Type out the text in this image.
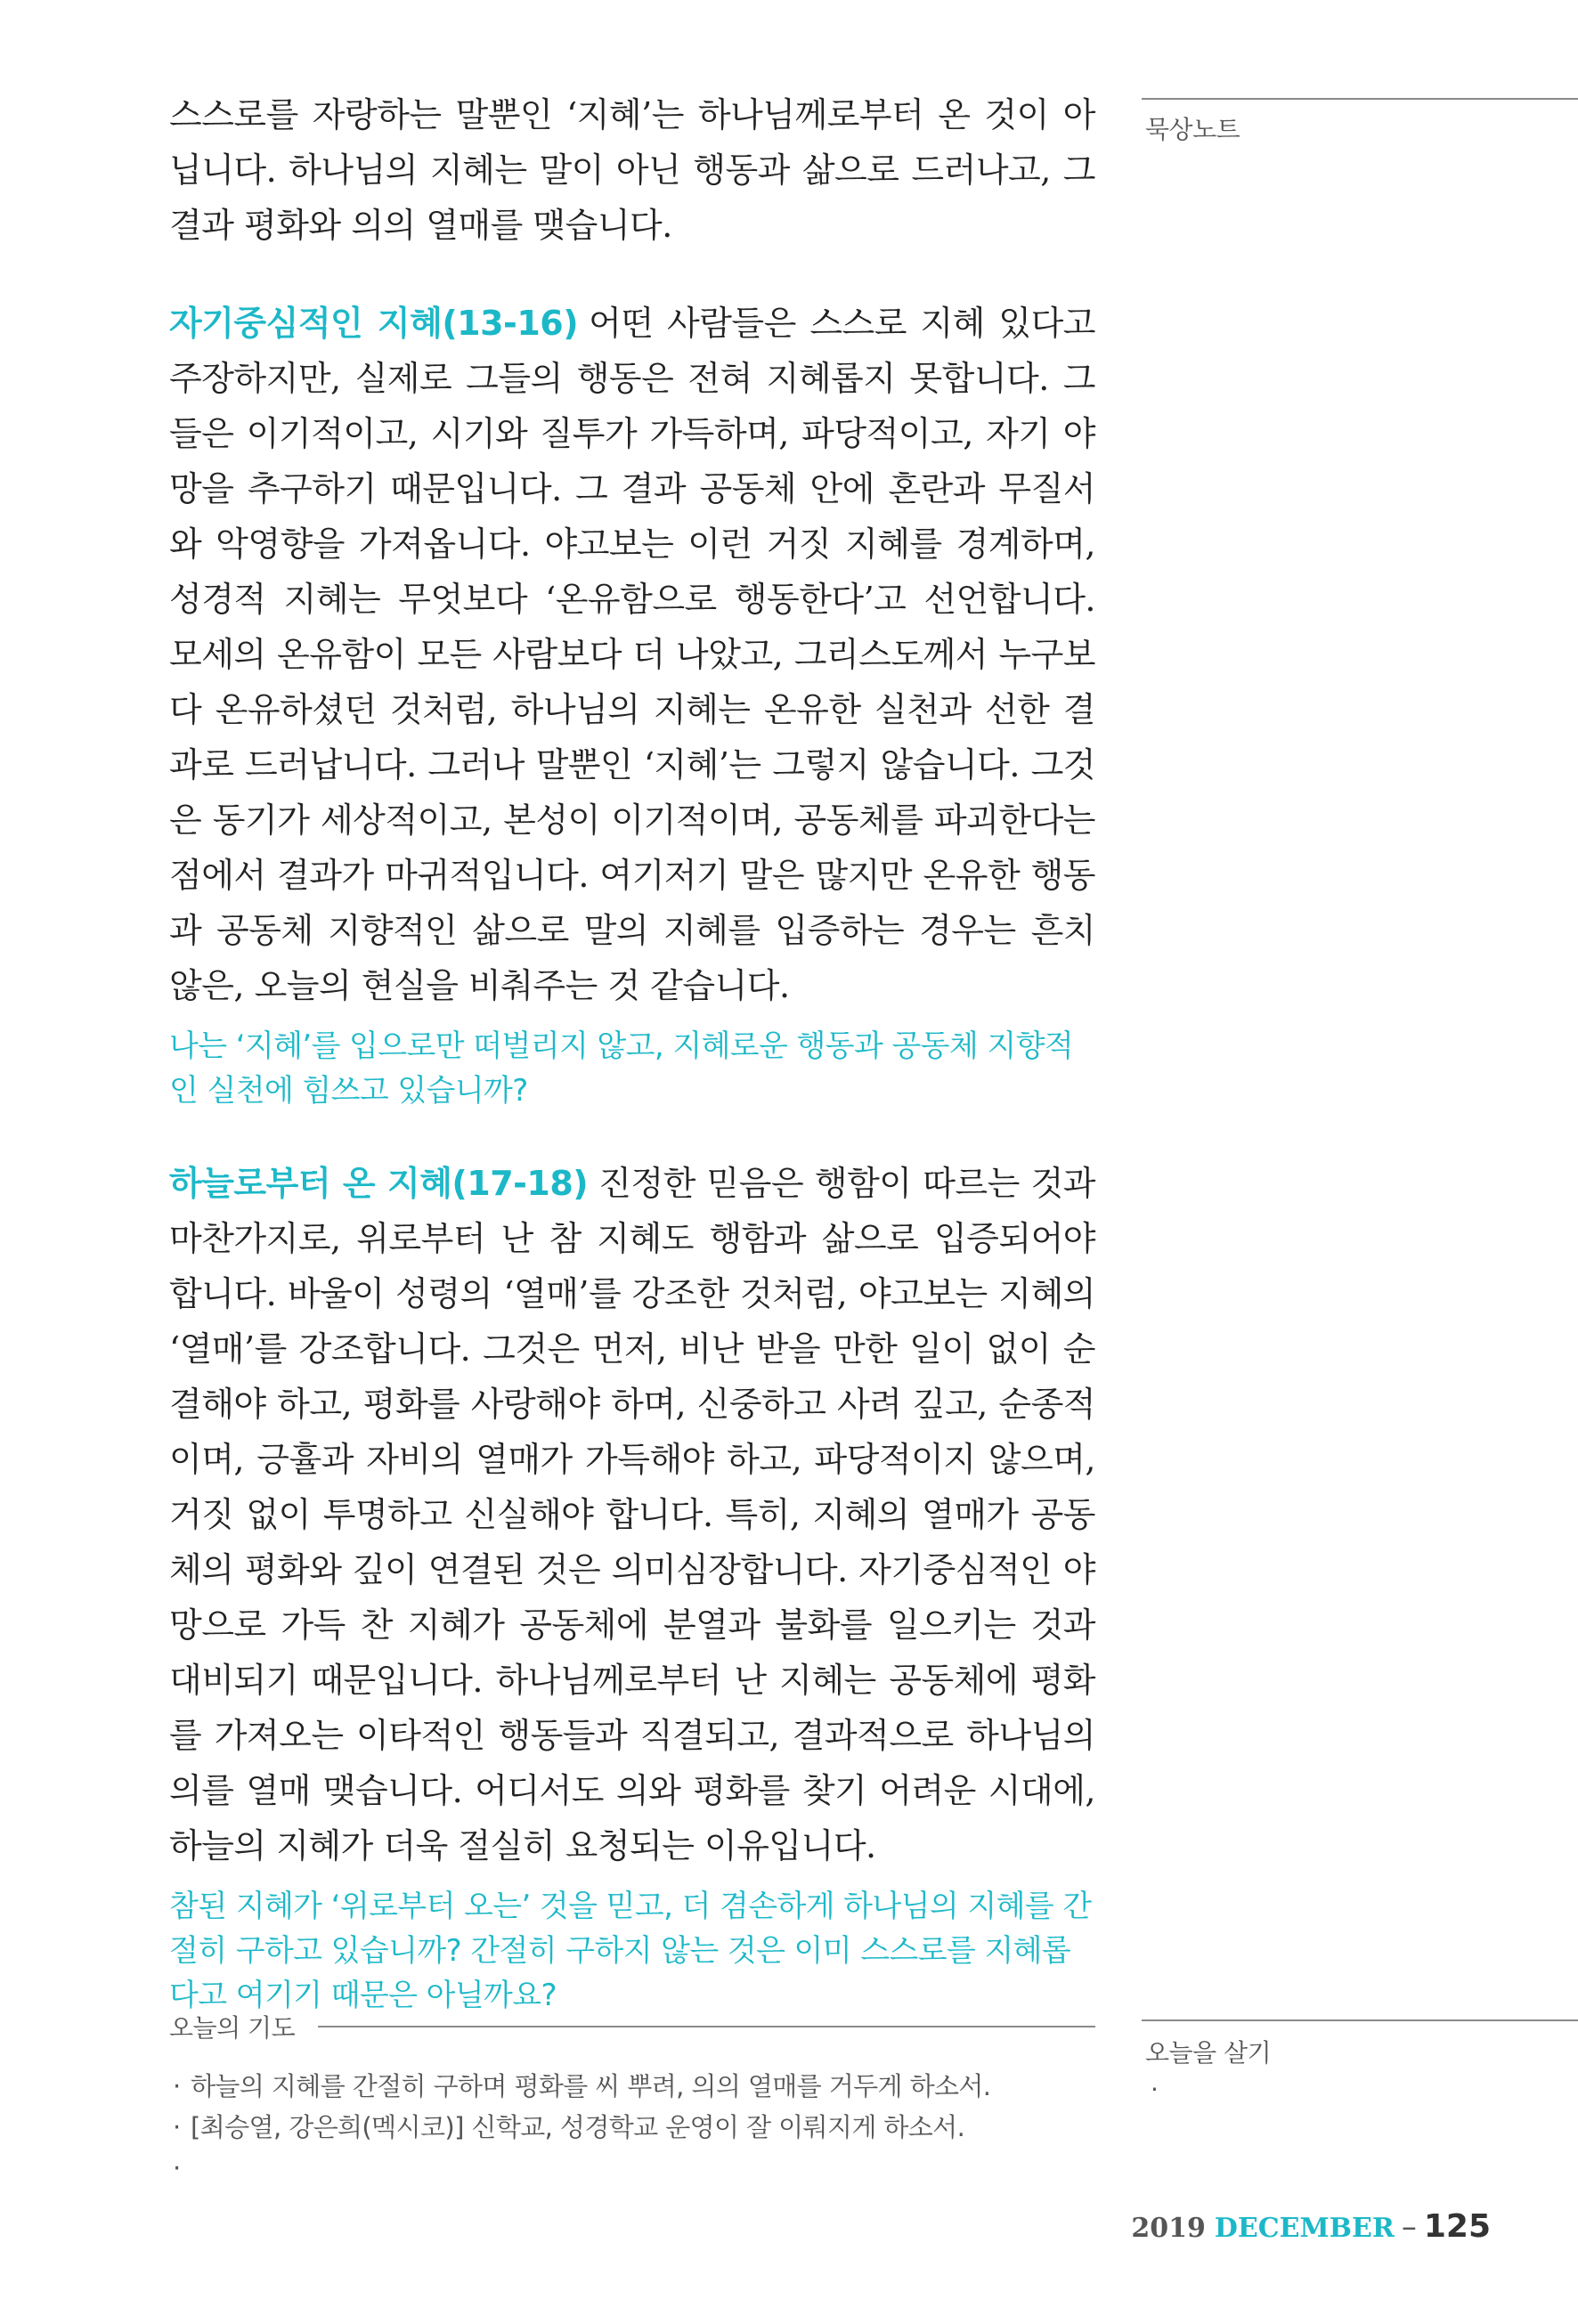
묵상노트
오늘을 살기
·

스스로를 자랑하는 말뿐인 ‘지혜’는 하나님께로부터 온 것이 아닙니다. 하나님의 지혜는 말이 아닌 행동과 삶으로 드러나고, 그 결과 평화와 의의 열매를 맺습니다.

자기중심적인 지혜(13-16) 어떤 사람들은 스스로 지혜 있다고 주장하지만, 실제로 그들의 행동은 전혀 지혜롭지 못합니다. 그들은 이기적이고, 시기와 질투가 가득하며, 파당적이고, 자기 야망을 추구하기 때문입니다. 그 결과 공동체 안에 혼란과 무질서와 악영향을 가져옵니다. 야고보는 이런 거짓 지혜를 경계하며, 성경적 지혜는 무엇보다 ‘온유함으로 행동한다’고 선언합니다. 모세의 온유함이 모든 사람보다 더 나았고, 그리스도께서 누구보다 온유하셨던 것처럼, 하나님의 지혜는 온유한 실천과 선한 결과로 드러납니다. 그러나 말뿐인 ‘지혜’는 그렇지 않습니다. 그것은 동기가 세상적이고, 본성이 이기적이며, 공동체를 파괴한다는 점에서 결과가 마귀적입니다. 여기저기 말은 많지만 온유한 행동과 공동체 지향적인 삶으로 말의 지혜를 입증하는 경우는 흔치 않은, 오늘의 현실을 비춰주는 것 같습니다.

나는 ‘지혜’를 입으로만 떠벌리지 않고, 지혜로운 행동과 공동체 지향적인 실천에 힘쓰고 있습니까?

하늘로부터 온 지혜(17-18) 진정한 믿음은 행함이 따르는 것과 마찬가지로, 위로부터 난 참 지혜도 행함과 삶으로 입증되어야 합니다. 바울이 성령의 ‘열매’를 강조한 것처럼, 야고보는 지혜의 ‘열매’를 강조합니다. 그것은 먼저, 비난 받을 만한 일이 없이 순결해야 하고, 평화를 사랑해야 하며, 신중하고 사려 깊고, 순종적이며, 긍휼과 자비의 열매가 가득해야 하고, 파당적이지 않으며, 거짓 없이 투명하고 신실해야 합니다. 특히, 지혜의 열매가 공동체의 평화와 깊이 연결된 것은 의미심장합니다. 자기중심적인 야망으로 가득 찬 지혜가 공동체에 분열과 불화를 일으키는 것과 대비되기 때문입니다. 하나님께로부터 난 지혜는 공동체에 평화를 가져오는 이타적인 행동들과 직결되고, 결과적으로 하나님의 의를 열매 맺습니다. 어디서도 의와 평화를 찾기 어려운 시대에, 하늘의 지혜가 더욱 절실히 요청되는 이유입니다.

참된 지혜가 ‘위로부터 오는’ 것을 믿고, 더 겸손하게 하나님의 지혜를 간절히 구하고 있습니까? 간절히 구하지 않는 것은 이미 스스로를 지혜롭다고 여기기 때문은 아닐까요?

오늘의 기도
· 하늘의 지혜를 간절히 구하며 평화를 씨 뿌려, 의의 열매를 거두게 하소서.
· [최승열, 강은희(멕시코)] 신학교, 성경학교 운영이 잘 이뤄지게 하소서.
·
2019 DECEMBER – 125
